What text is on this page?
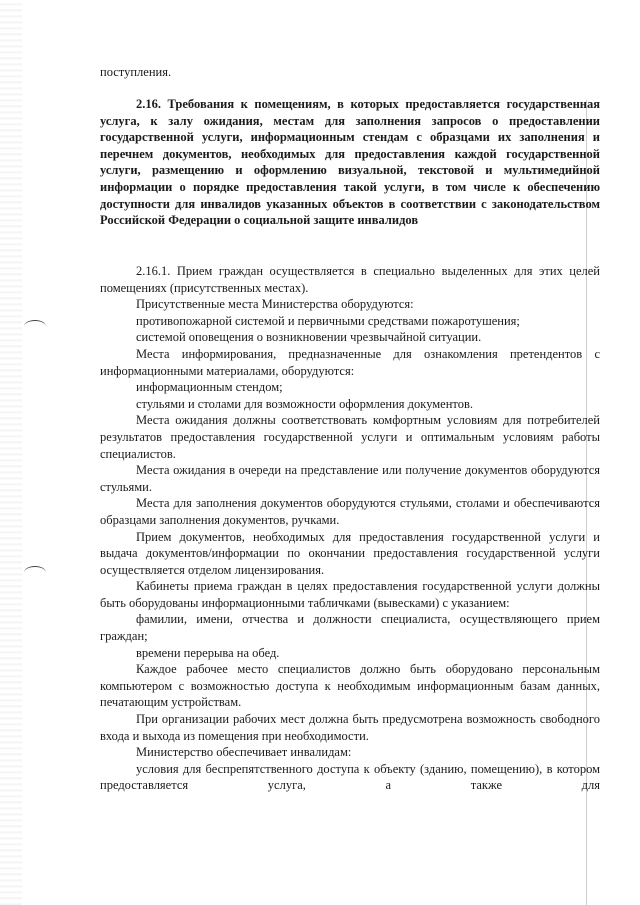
поступления.

2.16. Требования к помещениям, в которых предоставляется государственная услуга, к залу ожидания, местам для заполнения запросов о предоставлении государственной услуги, информационным стендам с образцами их заполнения и перечнем документов, необходимых для предоставления каждой государственной услуги, размещению и оформлению визуальной, текстовой и мультимедийной информации о порядке предоставления такой услуги, в том числе к обеспечению доступности для инвалидов указанных объектов в соответствии с законодательством Российской Федерации о социальной защите инвалидов

2.16.1. Прием граждан осуществляется в специально выделенных для этих целей помещениях (присутственных местах).

Присутственные места Министерства оборудуются:

противопожарной системой и первичными средствами пожаротушения;

системой оповещения о возникновении чрезвычайной ситуации.

Места информирования, предназначенные для ознакомления претендентов с информационными материалами, оборудуются:

информационным стендом;

стульями и столами для возможности оформления документов.

Места ожидания должны соответствовать комфортным условиям для потребителей результатов предоставления государственной услуги и оптимальным условиям работы специалистов.

Места ожидания в очереди на представление или получение документов оборудуются стульями.

Места для заполнения документов оборудуются стульями, столами и обеспечиваются образцами заполнения документов, ручками.

Прием документов, необходимых для предоставления государственной услуги и выдача документов/информации по окончании предоставления государственной услуги осуществляется отделом лицензирования.

Кабинеты приема граждан в целях предоставления государственной услуги должны быть оборудованы информационными табличками (вывесками) с указанием:

фамилии, имени, отчества и должности специалиста, осуществляющего прием граждан;

времени перерыва на обед.

Каждое рабочее место специалистов должно быть оборудовано персональным компьютером с возможностью доступа к необходимым информационным базам данных, печатающим устройствам.

При организации рабочих мест должна быть предусмотрена возможность свободного входа и выхода из помещения при необходимости.

Министерство обеспечивает инвалидам:

условия для беспрепятственного доступа к объекту (зданию, помещению), в котором предоставляется услуга, а также для
